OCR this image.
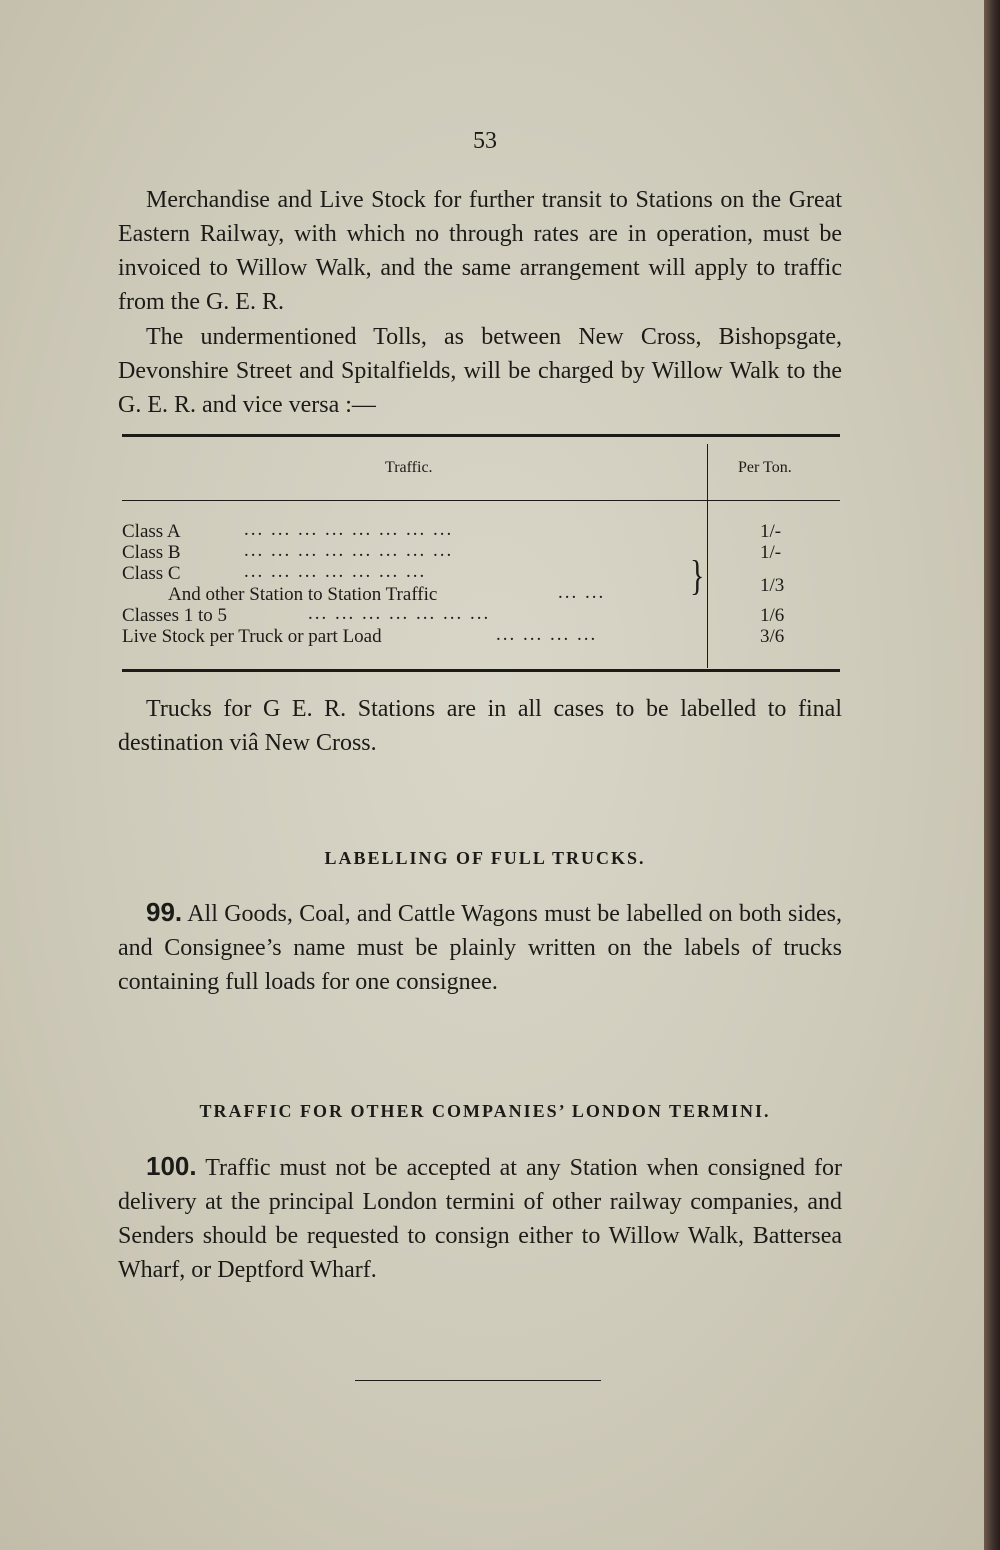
53

Merchandise and Live Stock for further transit to Stations on the Great Eastern Railway, with which no through rates are in operation, must be invoiced to Willow Walk, and the same arrangement will apply to traffic from the G. E. R.

The undermentioned Tolls, as between New Cross, Bishopsgate, Devonshire Street and Spitalfields, will be charged by Willow Walk to the G. E. R. and vice versa :—

Traffic.	Per Ton.
Class A	... ... ... ... ... ... ... ...	1/-
Class B	... ... ... ... ... ... ... ...	1/-
Class C	... ... ... ... ... ... ...
And other Station to Station Traffic	... ...	}	1/3
Classes 1 to 5	... ... ... ... ... ... ...	1/6
Live Stock per Truck or part Load	... ... ... ...	3/6

Trucks for G E. R. Stations are in all cases to be labelled to final destination viâ New Cross.

LABELLING OF FULL TRUCKS.

99. All Goods, Coal, and Cattle Wagons must be labelled on both sides, and Consignee’s name must be plainly written on the labels of trucks containing full loads for one consignee.

TRAFFIC FOR OTHER COMPANIES’ LONDON TERMINI.

100. Traffic must not be accepted at any Station when consigned for delivery at the principal London termini of other railway companies, and Senders should be requested to consign either to Willow Walk, Battersea Wharf, or Deptford Wharf.
